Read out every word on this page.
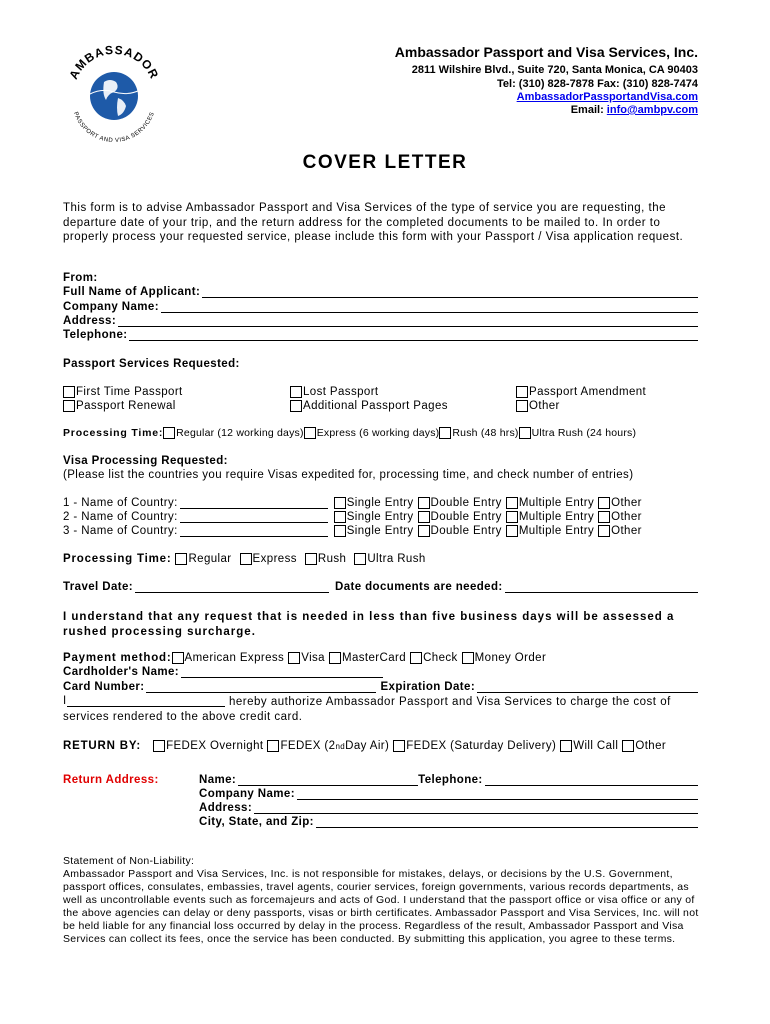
AMBASSADOR
PASSPORT AND VISA SERVICES
Ambassador Passport and Visa Services, Inc.
2811 Wilshire Blvd., Suite 720, Santa Monica, CA 90403
Tel: (310) 828-7878 Fax: (310) 828-7474
AmbassadorPassportandVisa.com
Email: info@ambpv.com
COVER LETTER
This form is to advise Ambassador Passport and Visa Services of the type of service you are requesting, the departure date of your trip, and the return address for the completed documents to be mailed to. In order to properly process your requested service, please include this form with your Passport / Visa application request.
From:
Full Name of Applicant:
Company Name:
Address:
Telephone:
Passport Services Requested:
First Time Passport	Lost Passport	Passport Amendment
Passport Renewal	Additional Passport Pages	Other
Processing Time: Regular (12 working days) Express (6 working days) Rush (48 hrs) Ultra Rush (24 hours)
Visa Processing Requested:
(Please list the countries you require Visas expedited for, processing time, and check number of entries)
1 - Name of Country:	Single Entry Double Entry Multiple Entry Other
2 - Name of Country:	Single Entry Double Entry Multiple Entry Other
3 - Name of Country:	Single Entry Double Entry Multiple Entry Other
Processing Time: Regular Express Rush Ultra Rush
Travel Date:	Date documents are needed:
I understand that any request that is needed in less than five business days will be assessed a rushed processing surcharge.
Payment method: American Express Visa MasterCard Check Money Order
Cardholder's Name:
Card Number:	Expiration Date:
I	hereby authorize Ambassador Passport and Visa Services to charge the cost of services rendered to the above credit card.
RETURN BY: FEDEX Overnight FEDEX (2 nd Day Air) FEDEX (Saturday Delivery) Will Call Other
Return Address:	Name:	Telephone:
Company Name:
Address:
City, State, and Zip:
Statement of Non-Liability:
Ambassador Passport and Visa Services, Inc. is not responsible for mistakes, delays, or decisions by the U.S. Government, passport offices, consulates, embassies, travel agents, courier services, foreign governments, various records departments, as well as uncontrollable events such as forcemajeurs and acts of God. I understand that the passport office or visa office or any of the above agencies can delay or deny passports, visas or birth certificates. Ambassador Passport and Visa Services, Inc. will not be held liable for any financial loss occurred by delay in the process. Regardless of the result, Ambassador Passport and Visa Services can collect its fees, once the service has been conducted. By submitting this application, you agree to these terms.
